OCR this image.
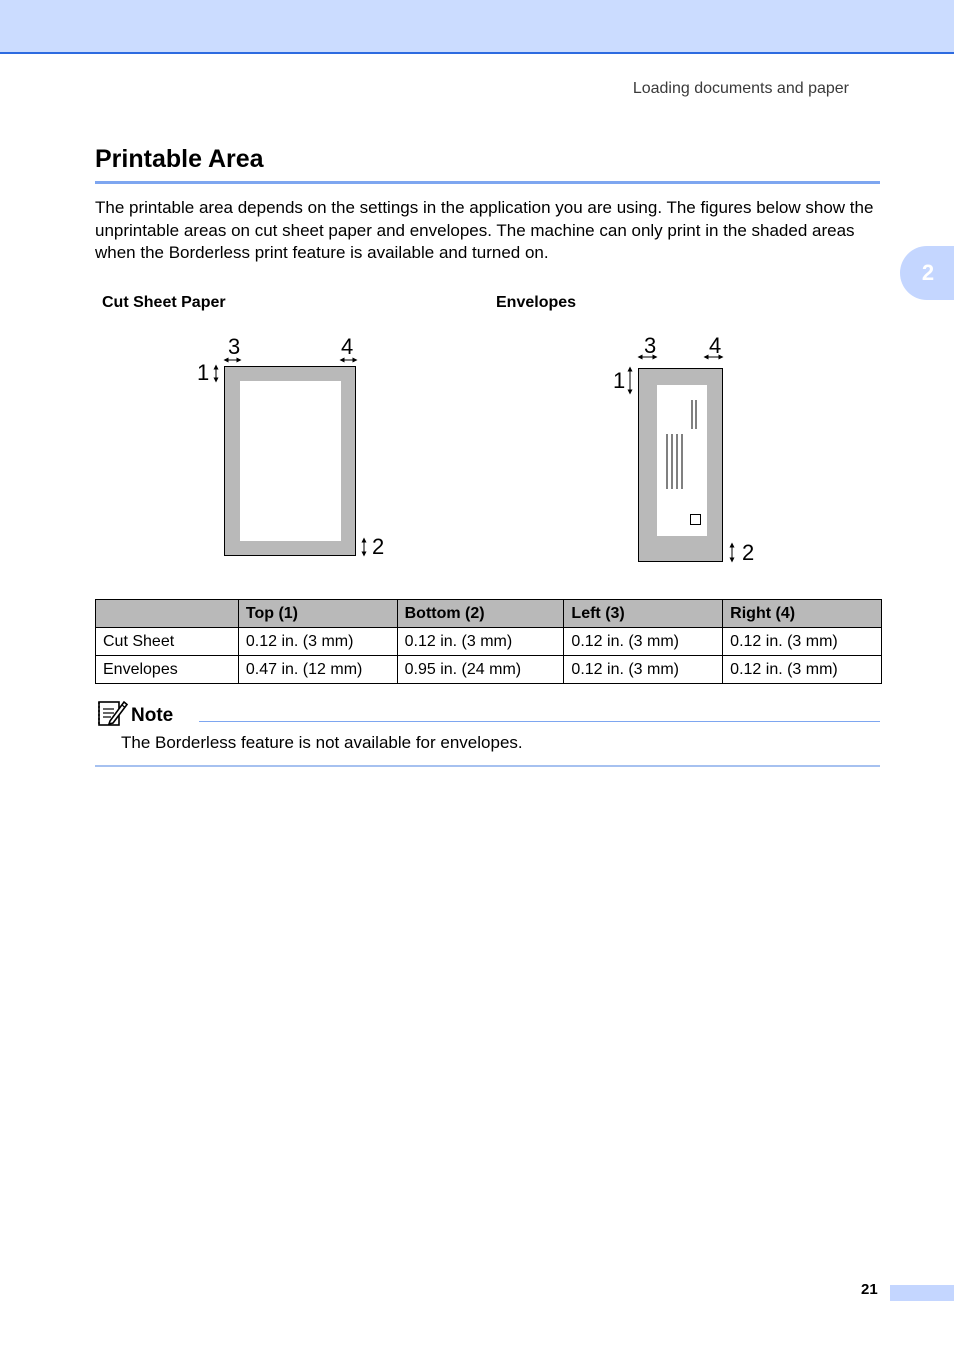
Loading documents and paper
2
Printable Area

The printable area depends on the settings in the application you are using. The figures below show the unprintable areas on cut sheet paper and envelopes. The machine can only print in the shaded areas when the Borderless print feature is available and turned on.

Cut Sheet Paper	Envelopes
3	4
1
2
3 4
1
2
	Top (1)	Bottom (2)	Left (3)	Right (4)
Cut Sheet	0.12 in. (3 mm)	0.12 in. (3 mm)	0.12 in. (3 mm)	0.12 in. (3 mm)
Envelopes	0.47 in. (12 mm)	0.95 in. (24 mm)	0.12 in. (3 mm)	0.12 in. (3 mm)
Note
The Borderless feature is not available for envelopes.
21
